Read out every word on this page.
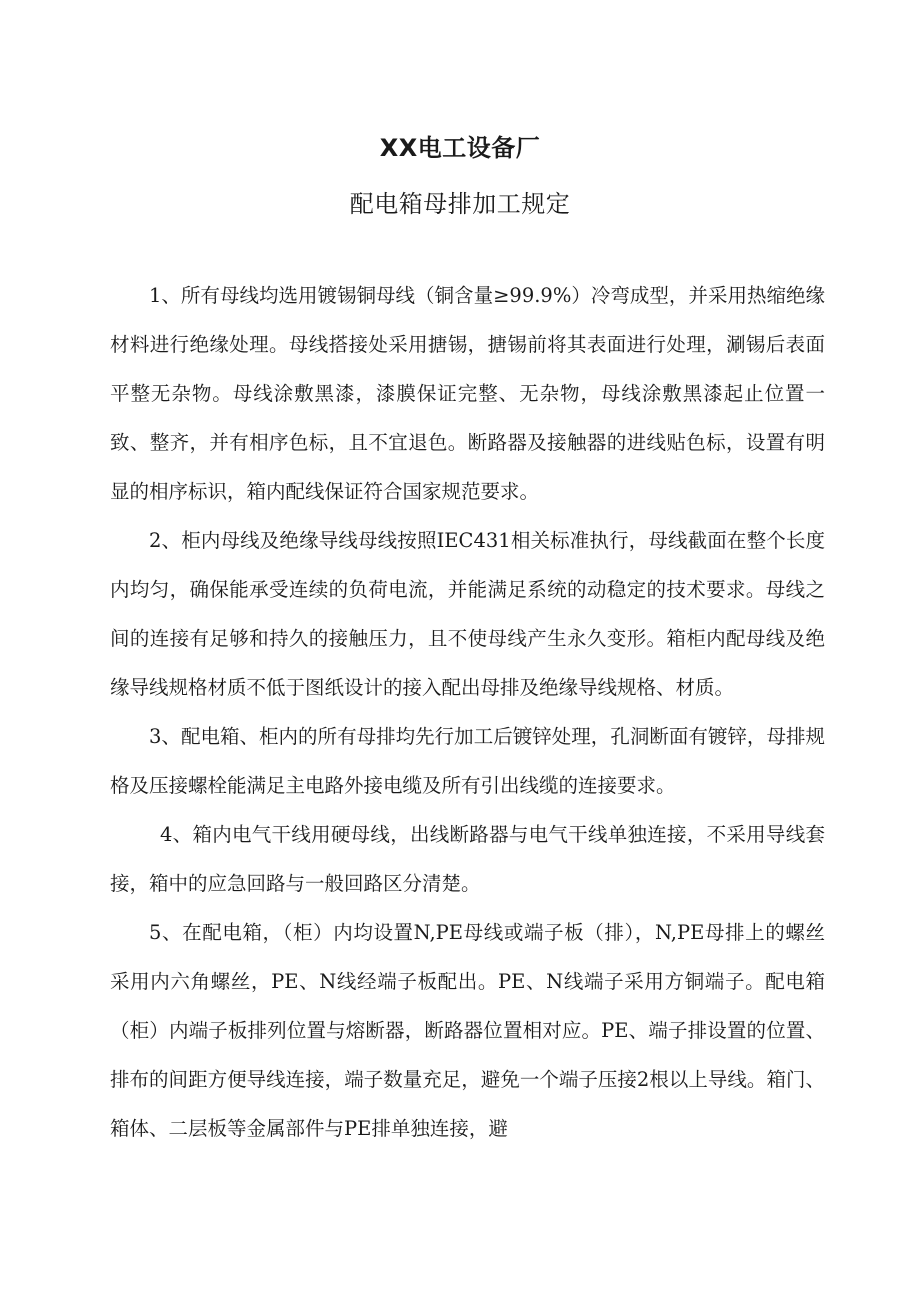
XX电工设备厂
配电箱母排加工规定

1、所有母线均选用镀锡铜母线（铜含量≥99.9%）冷弯成型，并采用热缩绝缘材料进行绝缘处理。母线搭接处采用搪锡，搪锡前将其表面进行处理，涮锡后表面平整无杂物。母线涂敷黑漆，漆膜保证完整、无杂物，母线涂敷黑漆起止位置一致、整齐，并有相序色标，且不宜退色。断路器及接触器的进线贴色标，设置有明显的相序标识，箱内配线保证符合国家规范要求。

2、柜内母线及绝缘导线母线按照IEC431相关标准执行，母线截面在整个长度内均匀，确保能承受连续的负荷电流，并能满足系统的动稳定的技术要求。母线之间的连接有足够和持久的接触压力，且不使母线产生永久变形。箱柜内配母线及绝缘导线规格材质不低于图纸设计的接入配出母排及绝缘导线规格、材质。

3、配电箱、柜内的所有母排均先行加工后镀锌处理，孔洞断面有镀锌，母排规格及压接螺栓能满足主电路外接电缆及所有引出线缆的连接要求。

4、箱内电气干线用硬母线，出线断路器与电气干线单独连接，不采用导线套接，箱中的应急回路与一般回路区分清楚。

5、在配电箱，（柜）内均设置N,PE母线或端子板（排），N,PE母排上的螺丝采用内六角螺丝，PE、N线经端子板配出。PE、N线端子采用方铜端子。配电箱（柜）内端子板排列位置与熔断器，断路器位置相对应。PE、端子排设置的位置、排布的间距方便导线连接，端子数量充足，避免一个端子压接2根以上导线。箱门、箱体、二层板等金属部件与PE排单独连接，避
